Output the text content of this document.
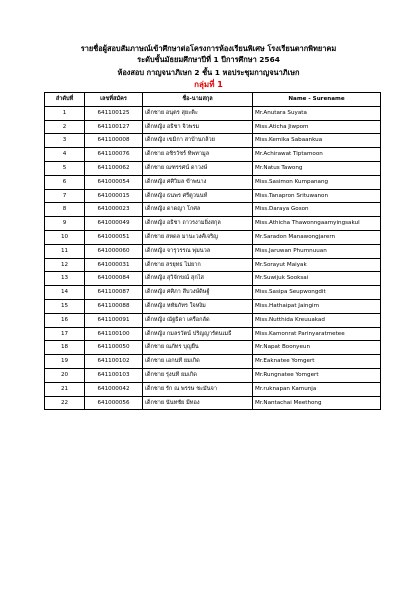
รายชื่อผู้สอบสัมภาษณ์เข้าศึกษาต่อโครงการห้องเรียนพิเศษ โรงเรียนตากพิทยาคม
ระดับชั้นมัธยมศึกษาปีที่ 1 ปีการศึกษา 2564
ห้องสอบ กาญจนาภิเษก 2 ชั้น 1 หอประชุมกาญจนาภิเษก
กลุ่มที่ 1
ลำดับที่	เลขที่สมัคร	ชื่อ-นามสกุล	Name - Surename
1	641100125	เด็กชาย อนุตร สุยะติะ	Mr.Anutara Suyata
2	641100127	เด็กหญิง อธิชา จิวพรม	Miss.Aticha Jiwpom
3	641100008	เด็กหญิง เขมิกา สาบ้านกล้วย	Miss.Kemika Sabaankua
4	641100076	เด็กชาย อชิรวัชร์ ทิพทามูล	Mr.Achirawat Tiptamoon
5	641100062	เด็กชาย ณฑรรศน์ ดาวงษ์	Mr.Natus Tawong
6	641000054	เด็กหญิง ศศิวิมล ข้าพนาง	Miss.Sasimon Kumpanang
7	641000015	เด็กหญิง ธนพร ศรีตูวนนท์	Miss.Tanapron Srituwanon
8	641000023	เด็กหญิง ดาดญา โกศล	Miss.Daraya Goson
9	641000049	เด็กหญิง อธิชา ถาวรงามยิ่งสกุล	Miss.Athicha Thawonngaamyingsakul
10	641000051	เด็กชาย สหดล มานะวงศ์เจริญ	Mr.Saradon Manawongjarern
11	641000060	เด็กหญิง จารุวรรณ พุ่มนวล	Miss.Jaruwan Phumnuuan
12	641000031	เด็กชาย สรยุทธ ไม่ยาก	Mr.Sorayut Maiyak
13	641000084	เด็กหญิง สุวิจักขณ์ สุกไส	Mr.Suwijuk Sooksai
14	641100087	เด็กหญิง ศศิภา สีบวงษ์ดิษฐ์	Miss.Sasipa Seupwongdit
15	641100088	เด็กหญิง หทัยภัทร ใจหงิม	Miss.Hathaipat Jaingim
16	641100091	เด็กหญิง ณัฐธิดา เครือกลัด	Miss.Nutthida Kreuuakad
17	641100100	เด็กหญิง กมลรวัตน์ ปริญญารัตนเมธี	Miss.Kamonrat Parinyaratmetee
18	641100050	เด็กชาย ณภัทร บุญยืน	Mr.Napat Boonyeun
19	641100102	เด็กชาย เอกนที ยมเกิด	Mr.Eaknatee Yomgert
20	641100103	เด็กชาย รุ่งนที ยมเกิด	Mr.Rungnatee Yomgert
21	641000042	เด็กชาย รัก ณ พรรษ ชะมันจา	Mr.ruknapan Kamunja
22	641000056	เด็กชาย นันทชัย มีทอง	Mr.Nantachai Meethong
